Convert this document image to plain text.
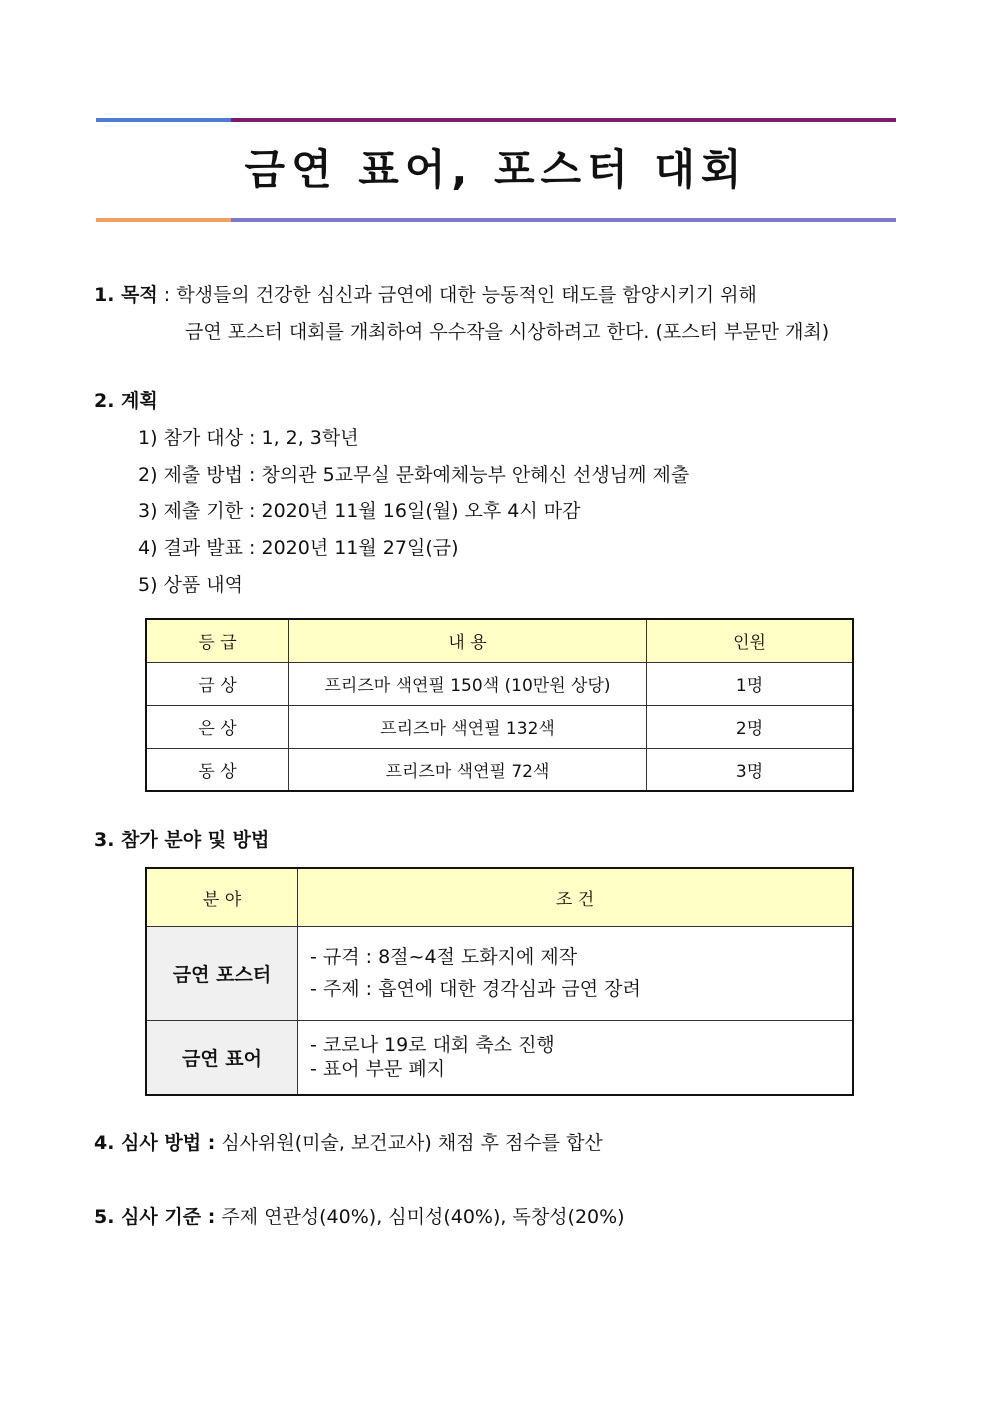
금연 표어, 포스터 대회
1. 목적 : 학생들의 건강한 심신과 금연에 대한 능동적인 태도를 함양시키기 위해
금연 포스터 대회를 개최하여 우수작을 시상하려고 한다. (포스터 부문만 개최)
2. 계획
1) 참가 대상 : 1, 2, 3학년
2) 제출 방법 : 창의관 5교무실 문화예체능부 안혜신 선생님께 제출
3) 제출 기한 : 2020년 11월 16일(월) 오후 4시 마감
4) 결과 발표 : 2020년 11월 27일(금)
5) 상품 내역
등 급	내 용	인원
금 상	프리즈마 색연필 150색 (10만원 상당)	1명
은 상	프리즈마 색연필 132색	2명
동 상	프리즈마 색연필 72색	3명
3. 참가 분야 및 방법
분 야	조 건
금연 포스터	- 규격 : 8절~4절 도화지에 제작
- 주제 : 흡연에 대한 경각심과 금연 장려

금연 표어	- 코로나 19로 대회 축소 진행
- 표어 부문 폐지
4. 심사 방법 : 심사위원(미술, 보건교사) 채점 후 점수를 합산
5. 심사 기준 : 주제 연관성(40%), 심미성(40%), 독창성(20%)
